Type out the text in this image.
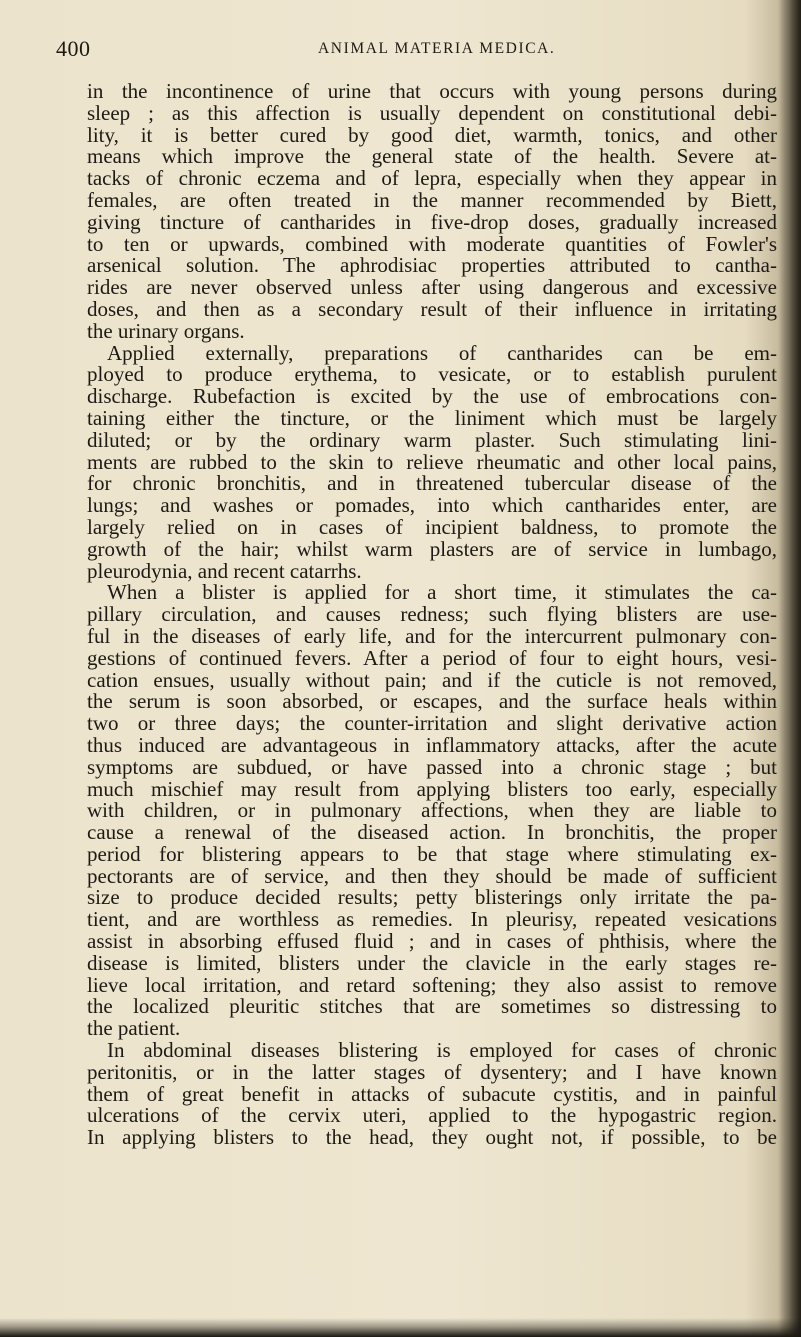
400	ANIMAL MATERIA MEDICA.
in the incontinence of urine that occurs with young persons during
sleep ; as this affection is usually dependent on constitutional debi-
lity, it is better cured by good diet, warmth, tonics, and other
means which improve the general state of the health. Severe at-
tacks of chronic eczema and of lepra, especially when they appear in
females, are often treated in the manner recommended by Biett,
giving tincture of cantharides in five-drop doses, gradually increased
to ten or upwards, combined with moderate quantities of Fowler's
arsenical solution. The aphrodisiac properties attributed to cantha-
rides are never observed unless after using dangerous and excessive
doses, and then as a secondary result of their influence in irritating
the urinary organs.
Applied externally, preparations of cantharides can be em-
ployed to produce erythema, to vesicate, or to establish purulent
discharge. Rubefaction is excited by the use of embrocations con-
taining either the tincture, or the liniment which must be largely
diluted; or by the ordinary warm plaster. Such stimulating lini-
ments are rubbed to the skin to relieve rheumatic and other local pains,
for chronic bronchitis, and in threatened tubercular disease of the
lungs; and washes or pomades, into which cantharides enter, are
largely relied on in cases of incipient baldness, to promote the
growth of the hair; whilst warm plasters are of service in lumbago,
pleurodynia, and recent catarrhs.
When a blister is applied for a short time, it stimulates the ca-
pillary circulation, and causes redness; such flying blisters are use-
ful in the diseases of early life, and for the intercurrent pulmonary con-
gestions of continued fevers. After a period of four to eight hours, vesi-
cation ensues, usually without pain; and if the cuticle is not removed,
the serum is soon absorbed, or escapes, and the surface heals within
two or three days; the counter-irritation and slight derivative action
thus induced are advantageous in inflammatory attacks, after the acute
symptoms are subdued, or have passed into a chronic stage ; but
much mischief may result from applying blisters too early, especially
with children, or in pulmonary affections, when they are liable to
cause a renewal of the diseased action. In bronchitis, the proper
period for blistering appears to be that stage where stimulating ex-
pectorants are of service, and then they should be made of sufficient
size to produce decided results; petty blisterings only irritate the pa-
tient, and are worthless as remedies. In pleurisy, repeated vesications
assist in absorbing effused fluid ; and in cases of phthisis, where the
disease is limited, blisters under the clavicle in the early stages re-
lieve local irritation, and retard softening; they also assist to remove
the localized pleuritic stitches that are sometimes so distressing to
the patient.
In abdominal diseases blistering is employed for cases of chronic
peritonitis, or in the latter stages of dysentery; and I have known
them of great benefit in attacks of subacute cystitis, and in painful
ulcerations of the cervix uteri, applied to the hypogastric region.
In applying blisters to the head, they ought not, if possible, to be
